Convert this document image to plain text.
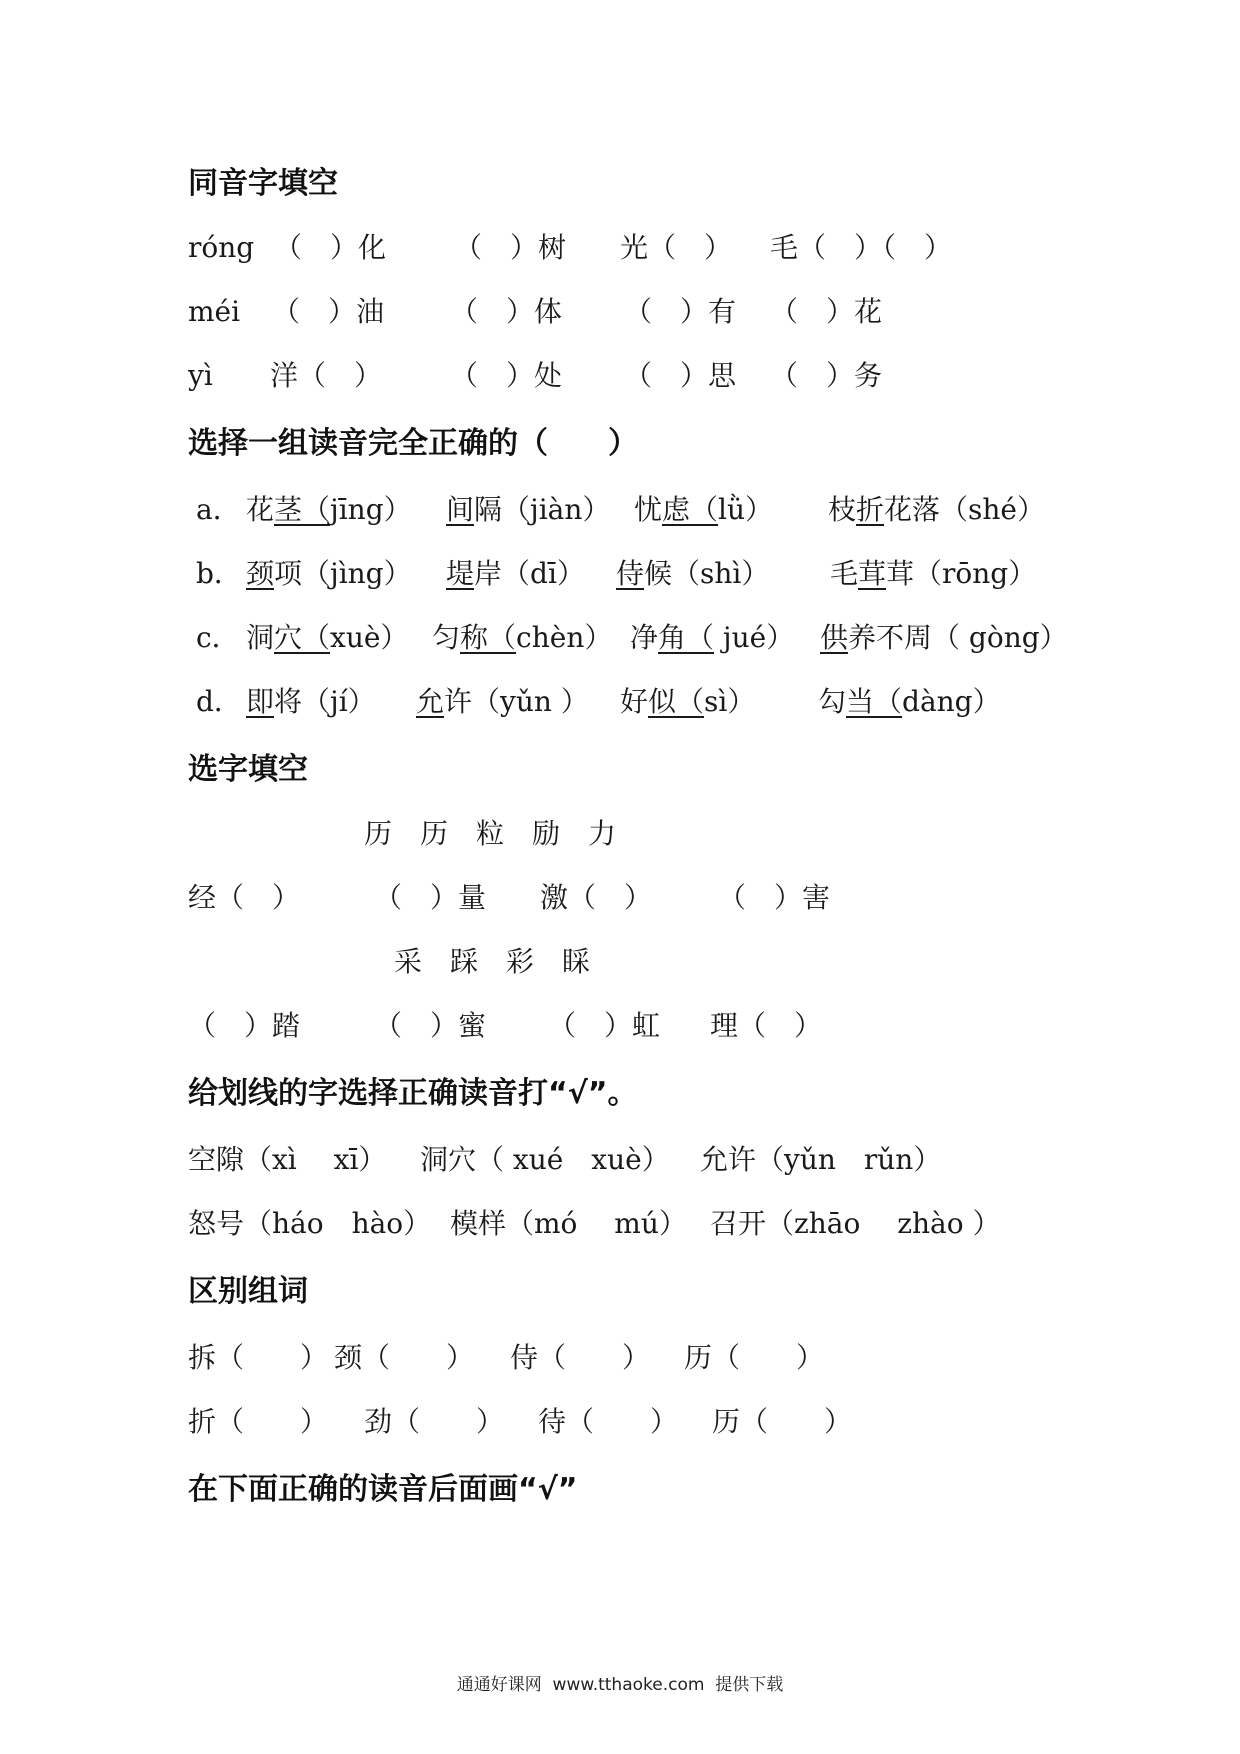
同音字填空
róng （　）化 （　）树 光（　） 毛（　）（　）
méi （　）油 （　）体 （　）有 （　）花
yì 洋（　） （　）处 （　）思 （　）务
选择一组读音完全正确的（　　）
a． 花茎（jīng） 间隔（jiàn） 忧虑（lǜ） 枝折花落（shé）
b． 颈项（jìng） 堤岸（dī） 侍候（shì） 毛茸茸（rōng）
c． 洞穴（xuè） 匀称（chèn） 净角（ jué） 供养不周（ gòng）
d． 即将（jí） 允许（yǔn ） 好似（sì） 勾当（dàng）
选字填空
历　历　粒　励　力
经（　）	（　）量 激（　） （　）害
采　踩　彩　睬
（　）踏	（　）蜜 （　）虹 理（　）
给划线的字选择正确读音打“√”。
空隙（xì　 xī） 洞穴（ xué　xuè） 允许（yǔn　rǔn）
怒号（háo　hào） 模样（mó　 mú） 召开（zhāo　 zhào ）
区别组词
拆（　　） 颈（　　） 侍（　　） 历（　　）
折（　　） 劲（　　） 待（　　） 历（　　）
在下面正确的读音后面画“√”
通通好课网  www.tthaoke.com  提供下载
